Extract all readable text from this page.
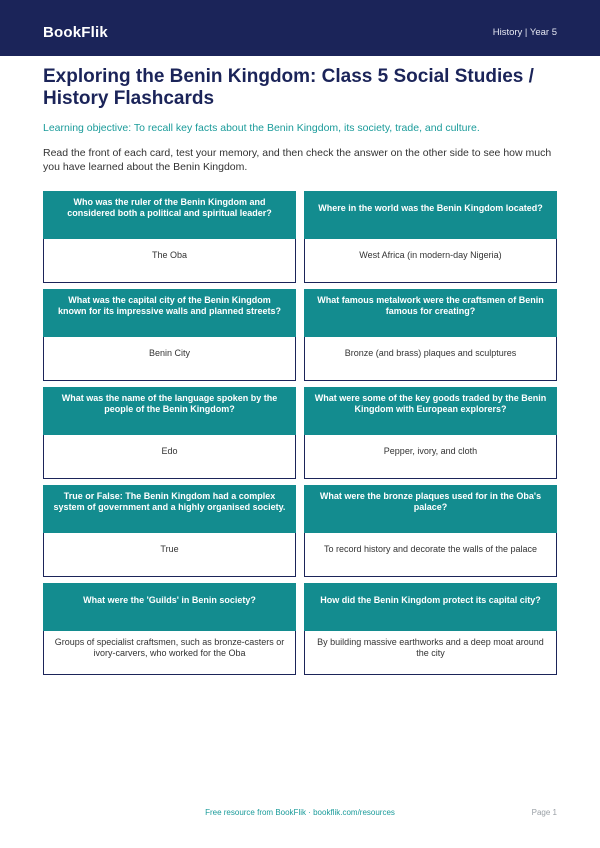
BookFlik	History | Year 5
Exploring the Benin Kingdom: Class 5 Social Studies / History Flashcards
Learning objective: To recall key facts about the Benin Kingdom, its society, trade, and culture.
Read the front of each card, test your memory, and then check the answer on the other side to see how much you have learned about the Benin Kingdom.
Who was the ruler of the Benin Kingdom and considered both a political and spiritual leader?
The Oba
Where in the world was the Benin Kingdom located?
West Africa (in modern-day Nigeria)
What was the capital city of the Benin Kingdom known for its impressive walls and planned streets?
Benin City
What famous metalwork were the craftsmen of Benin famous for creating?
Bronze (and brass) plaques and sculptures
What was the name of the language spoken by the people of the Benin Kingdom?
Edo
What were some of the key goods traded by the Benin Kingdom with European explorers?
Pepper, ivory, and cloth
True or False: The Benin Kingdom had a complex system of government and a highly organised society.
True
What were the bronze plaques used for in the Oba's palace?
To record history and decorate the walls of the palace
What were the 'Guilds' in Benin society?
Groups of specialist craftsmen, such as bronze-casters or ivory-carvers, who worked for the Oba
How did the Benin Kingdom protect its capital city?
By building massive earthworks and a deep moat around the city
Free resource from BookFlik · bookflik.com/resources	Page 1
